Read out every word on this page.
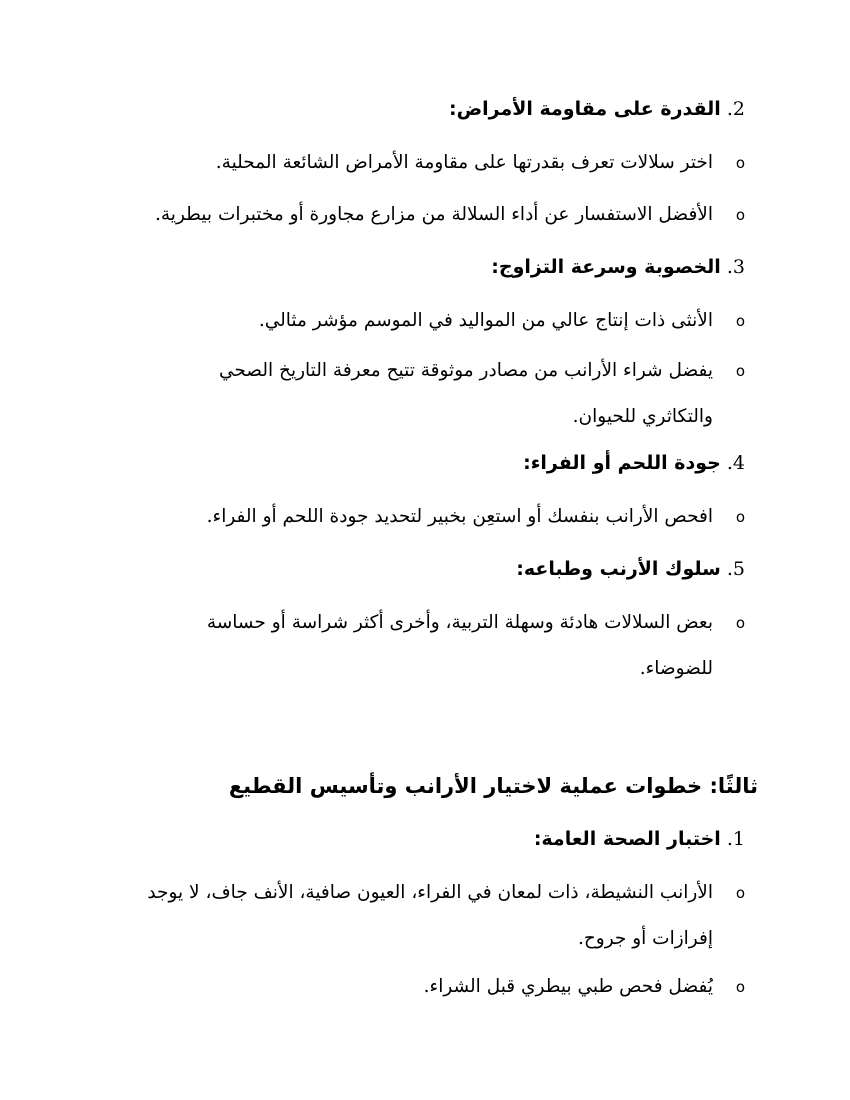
2. القدرة على مقاومة الأمراض:
o
اختر سلالات تعرف بقدرتها على مقاومة الأمراض الشائعة المحلية.
o
الأفضل الاستفسار عن أداء السلالة من مزارع مجاورة أو مختبرات بيطرية.
3. الخصوبة وسرعة التزاوج:
o
الأنثى ذات إنتاج عالي من المواليد في الموسم مؤشر مثالي.
o
يفضل شراء الأرانب من مصادر موثوقة تتيح معرفة التاريخ الصحي والتكاثري للحيوان.
4. جودة اللحم أو الفراء:
o
افحص الأرانب بنفسك أو استعِن بخبير لتحديد جودة اللحم أو الفراء.
5. سلوك الأرنب وطباعه:
o
بعض السلالات هادئة وسهلة التربية، وأخرى أكثر شراسة أو حساسة للضوضاء.
ثالثًا: خطوات عملية لاختيار الأرانب وتأسيس القطيع
1. اختبار الصحة العامة:
o
الأرانب النشيطة، ذات لمعان في الفراء، العيون صافية، الأنف جاف، لا يوجد إفرازات أو جروح.
o
يُفضل فحص طبي بيطري قبل الشراء.
